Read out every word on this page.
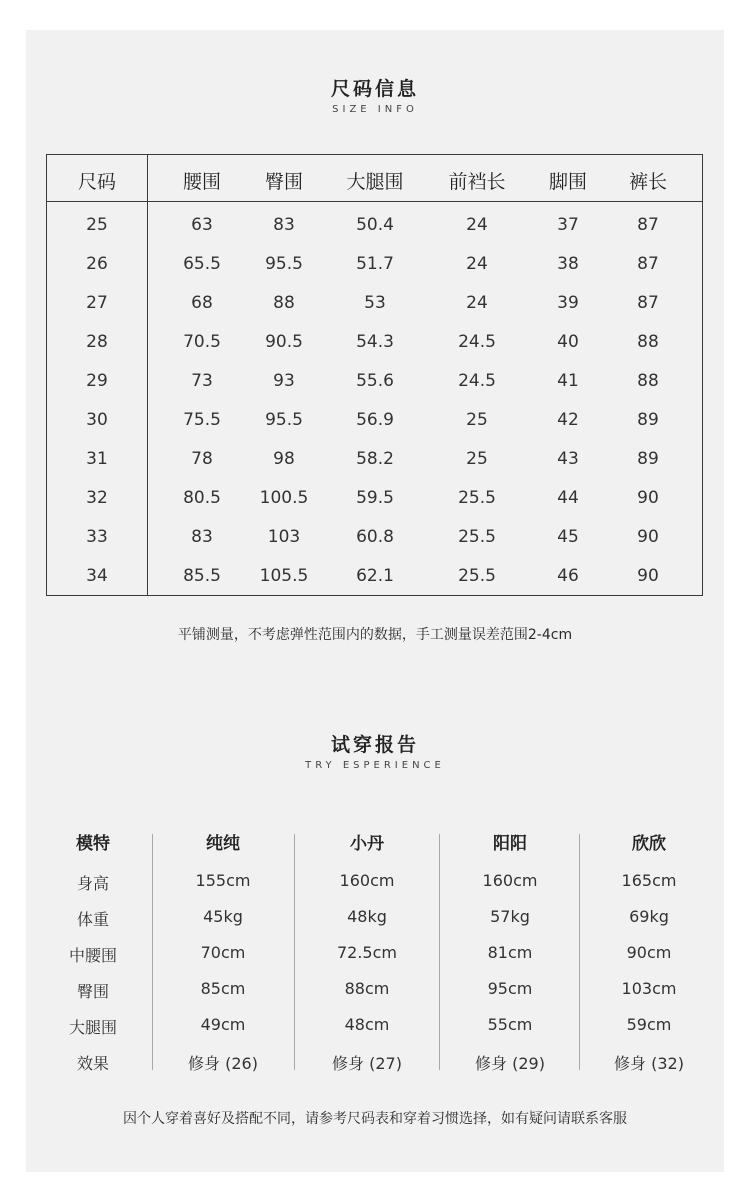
尺码信息
SIZE INFO
尺码	腰围	臀围	大腿围	前裆长	脚围	裤长
25	63	83	50.4	24	37	87
26	65.5	95.5	51.7	24	38	87
27	68	88	53	24	39	87
28	70.5	90.5	54.3	24.5	40	88
29	73	93	55.6	24.5	41	88
30	75.5	95.5	56.9	25	42	89
31	78	98	58.2	25	43	89
32	80.5	100.5	59.5	25.5	44	90
33	83	103	60.8	25.5	45	90
34	85.5	105.5	62.1	25.5	46	90
平铺测量，不考虑弹性范围内的数据，手工测量误差范围2-4cm
试穿报告
TRY ESPERIENCE
模特	纯纯	小丹	阳阳	欣欣
身高	155cm	160cm	160cm	165cm
体重	45kg	48kg	57kg	69kg
中腰围	70cm	72.5cm	81cm	90cm
臀围	85cm	88cm	95cm	103cm
大腿围	49cm	48cm	55cm	59cm
效果	修身 (26)	修身 (27)	修身 (29)	修身 (32)
因个人穿着喜好及搭配不同，请参考尺码表和穿着习惯选择，如有疑问请联系客服
